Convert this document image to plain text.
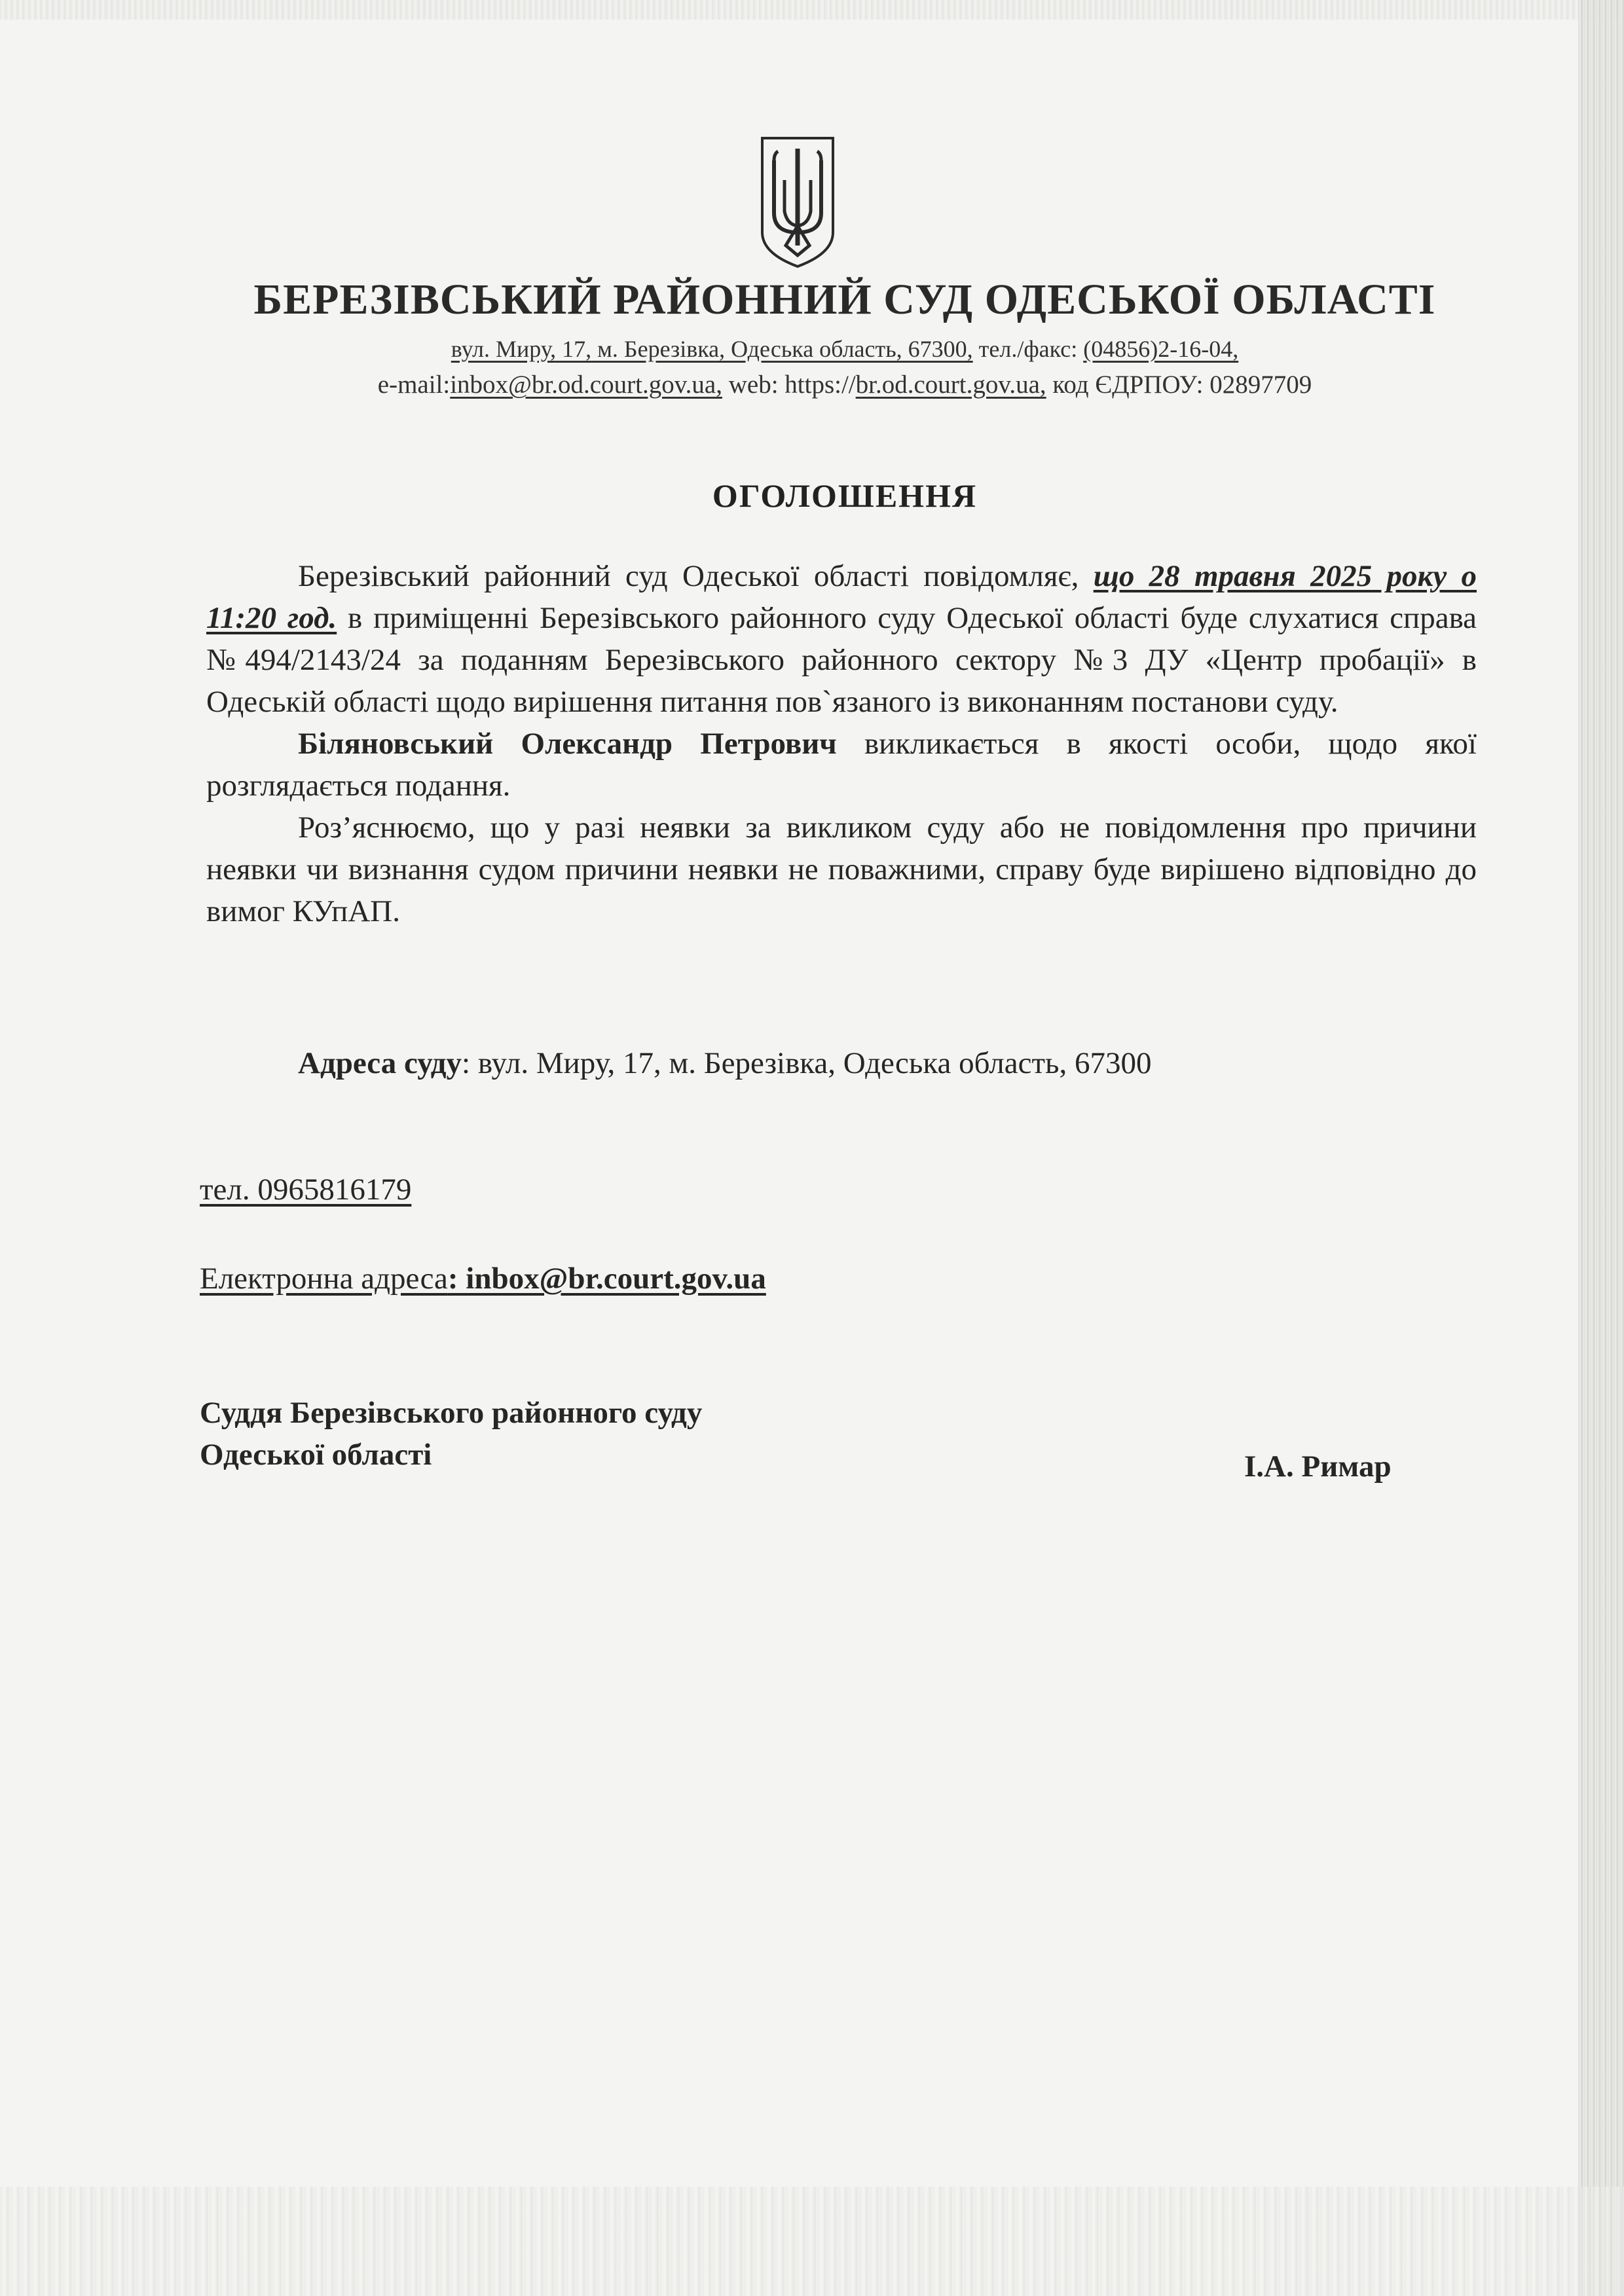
БЕРЕЗІВСЬКИЙ РАЙОННИЙ СУД ОДЕСЬКОЇ ОБЛАСТІ
вул. Миру, 17, м. Березівка, Одеська область, 67300, тел./факс: (04856)2-16-04,
e-mail:inbox@br.od.court.gov.ua, web: https://br.od.court.gov.ua, код ЄДРПОУ: 02897709
ОГОЛОШЕННЯ

Березівський районний суд Одеської області повідомляє, що 28 травня 2025 року о 11:20 год. в приміщенні Березівського районного суду Одеської області буде слухатися справа №494/2143/24 за поданням Березівського районного сектору №3 ДУ «Центр пробації» в Одеській області щодо вирішення питання пов`язаного із виконанням постанови суду.

Біляновський Олександр Петрович викликається в якості особи, щодо якої розглядається подання.

Роз’яснюємо, що у разі неявки за викликом суду або не повідомлення про причини неявки чи визнання судом причини неявки не поважними, справу буде вирішено відповідно до вимог КУпАП.

Адреса суду: вул. Миру, 17, м. Березівка, Одеська область, 67300
тел. 0965816179
Електронна адреса: inbox@br.court.gov.ua
Суддя Березівського районного суду
Одеської області	І.А. Римар
